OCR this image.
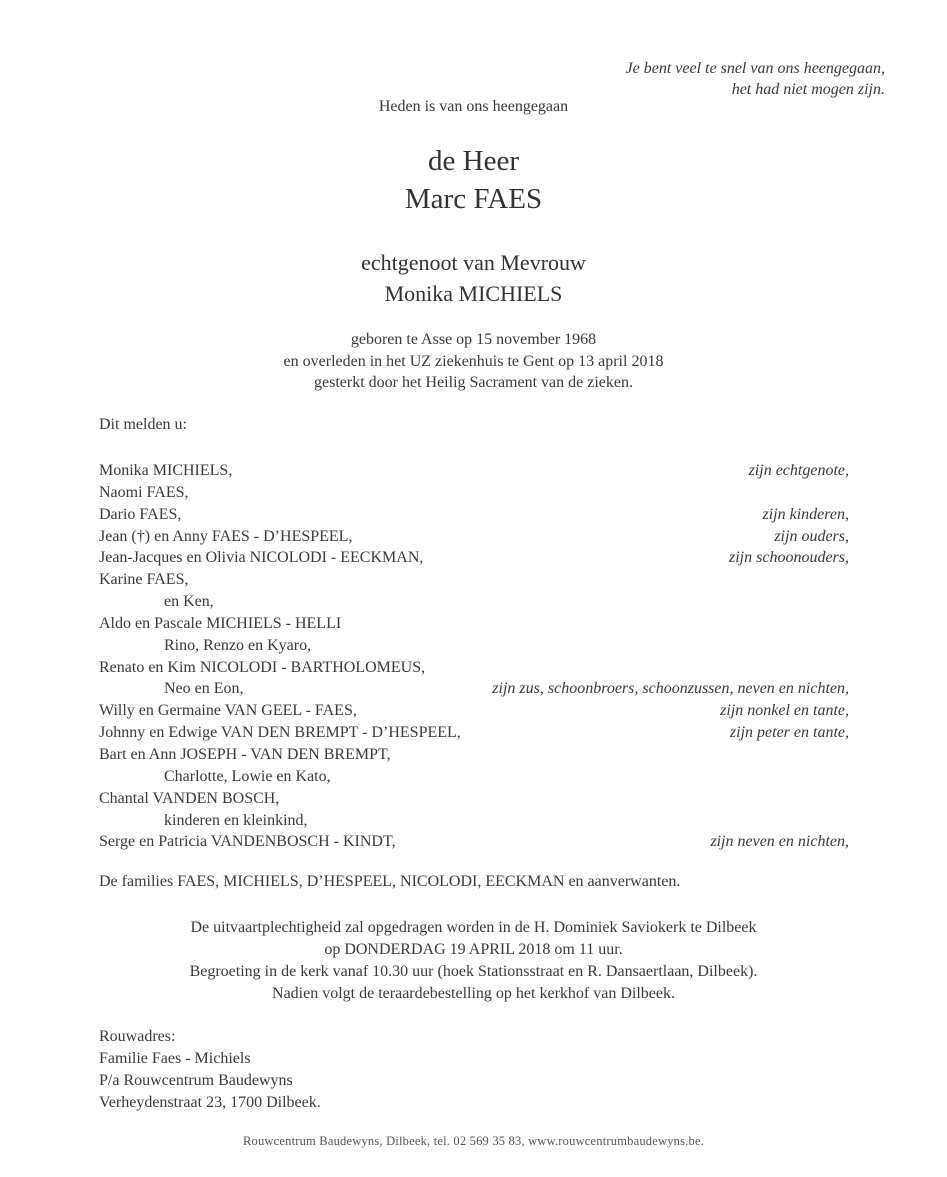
Je bent veel te snel van ons heengegaan,
het had niet mogen zijn.
Heden is van ons heengegaan
de Heer
Marc FAES
echtgenoot van Mevrouw
Monika MICHIELS
geboren te Asse op 15 november 1968
en overleden in het UZ ziekenhuis te Gent op 13 april 2018
gesterkt door het Heilig Sacrament van de zieken.
Dit melden u:
Monika MICHIELS,	zijn echtgenote,
Naomi FAES,
Dario FAES,	zijn kinderen,
Jean (†) en Anny FAES - D’HESPEEL,	zijn ouders,
Jean-Jacques en Olivia NICOLODI - EECKMAN,	zijn schoonouders,
Karine FAES,
en Ken,
Aldo en Pascale MICHIELS - HELLI
Rino, Renzo en Kyaro,
Renato en Kim NICOLODI - BARTHOLOMEUS,
Neo en Eon,	zijn zus, schoonbroers, schoonzussen, neven en nichten,
Willy en Germaine VAN GEEL - FAES,	zijn nonkel en tante,
Johnny en Edwige VAN DEN BREMPT - D’HESPEEL,	zijn peter en tante,
Bart en Ann JOSEPH - VAN DEN BREMPT,
Charlotte, Lowie en Kato,
Chantal VANDEN BOSCH,
kinderen en kleinkind,
Serge en Patricia VANDENBOSCH - KINDT,	zijn neven en nichten,
De families FAES, MICHIELS, D’HESPEEL, NICOLODI, EECKMAN en aanverwanten.
De uitvaartplechtigheid zal opgedragen worden in de H. Dominiek Saviokerk te Dilbeek
op DONDERDAG 19 APRIL 2018 om 11 uur.
Begroeting in de kerk vanaf 10.30 uur (hoek Stationsstraat en R. Dansaertlaan, Dilbeek).
Nadien volgt de teraardebestelling op het kerkhof van Dilbeek.
Rouwadres:
Familie Faes - Michiels
P/a Rouwcentrum Baudewyns
Verheydenstraat 23, 1700 Dilbeek.
Rouwcentrum Baudewyns, Dilbeek, tel. 02 569 35 83, www.rouwcentrumbaudewyns.be.
